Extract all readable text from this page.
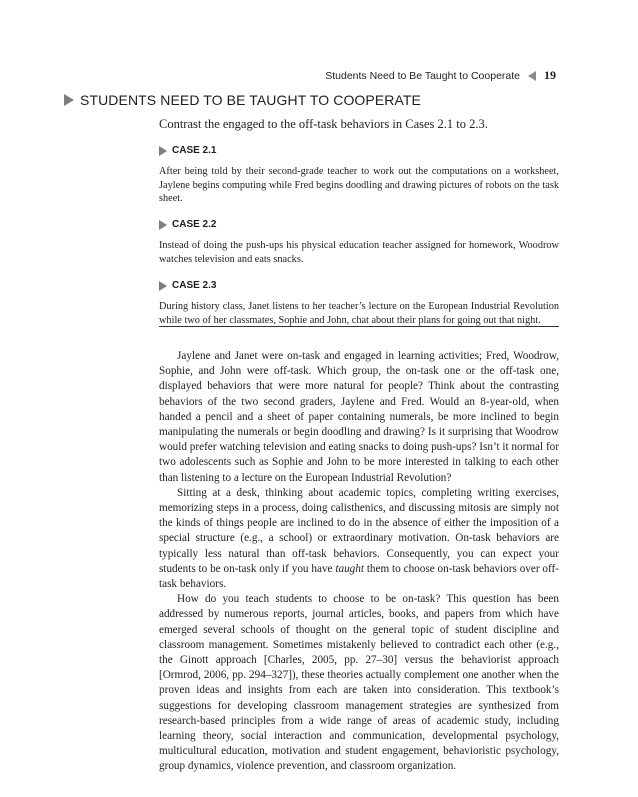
Students Need to Be Taught to Cooperate 19
STUDENTS NEED TO BE TAUGHT TO COOPERATE
Contrast the engaged to the off-task behaviors in Cases 2.1 to 2.3.
CASE 2.1
After being told by their second-grade teacher to work out the computations on a worksheet, Jaylene begins computing while Fred begins doodling and drawing pictures of robots on the task sheet.
CASE 2.2
Instead of doing the push-ups his physical education teacher assigned for homework, Woodrow watches television and eats snacks.
CASE 2.3
During history class, Janet listens to her teacher’s lecture on the European Industrial Revolution while two of her classmates, Sophie and John, chat about their plans for going out that night.

Jaylene and Janet were on-task and engaged in learning activities; Fred, Woodrow, Sophie, and John were off-task. Which group, the on-task one or the off-task one, displayed behaviors that were more natural for people? Think about the contrasting behaviors of the two second graders, Jaylene and Fred. Would an 8-year-old, when handed a pencil and a sheet of paper containing numerals, be more inclined to begin manipulating the numerals or begin doodling and drawing? Is it surprising that Woodrow would prefer watching television and eating snacks to doing push-ups? Isn’t it normal for two adolescents such as Sophie and John to be more interested in talking to each other than listening to a lecture on the European Industrial Revolution?

Sitting at a desk, thinking about academic topics, completing writing exercises, memorizing steps in a process, doing calisthenics, and discussing mitosis are simply not the kinds of things people are inclined to do in the absence of either the imposition of a special structure (e.g., a school) or extraordinary motivation. On-task behaviors are typically less natural than off-task behaviors. Consequently, you can expect your students to be on-task only if you have taught them to choose on-task behaviors over off-task behaviors.

How do you teach students to choose to be on-task? This question has been addressed by numerous reports, journal articles, books, and papers from which have emerged several schools of thought on the general topic of student discipline and classroom management. Sometimes mistakenly believed to contradict each other (e.g., the Ginott approach [Charles, 2005, pp. 27–30] versus the behaviorist approach [Ormrod, 2006, pp. 294–327]), these theories actually complement one another when the proven ideas and insights from each are taken into consideration. This textbook’s suggestions for developing classroom management strategies are synthesized from research-based principles from a wide range of areas of academic study, including learning theory, social interaction and communication, developmental psychology, multicultural education, motivation and student engagement, behavioristic psychology, group dynamics, violence prevention, and classroom organization.
